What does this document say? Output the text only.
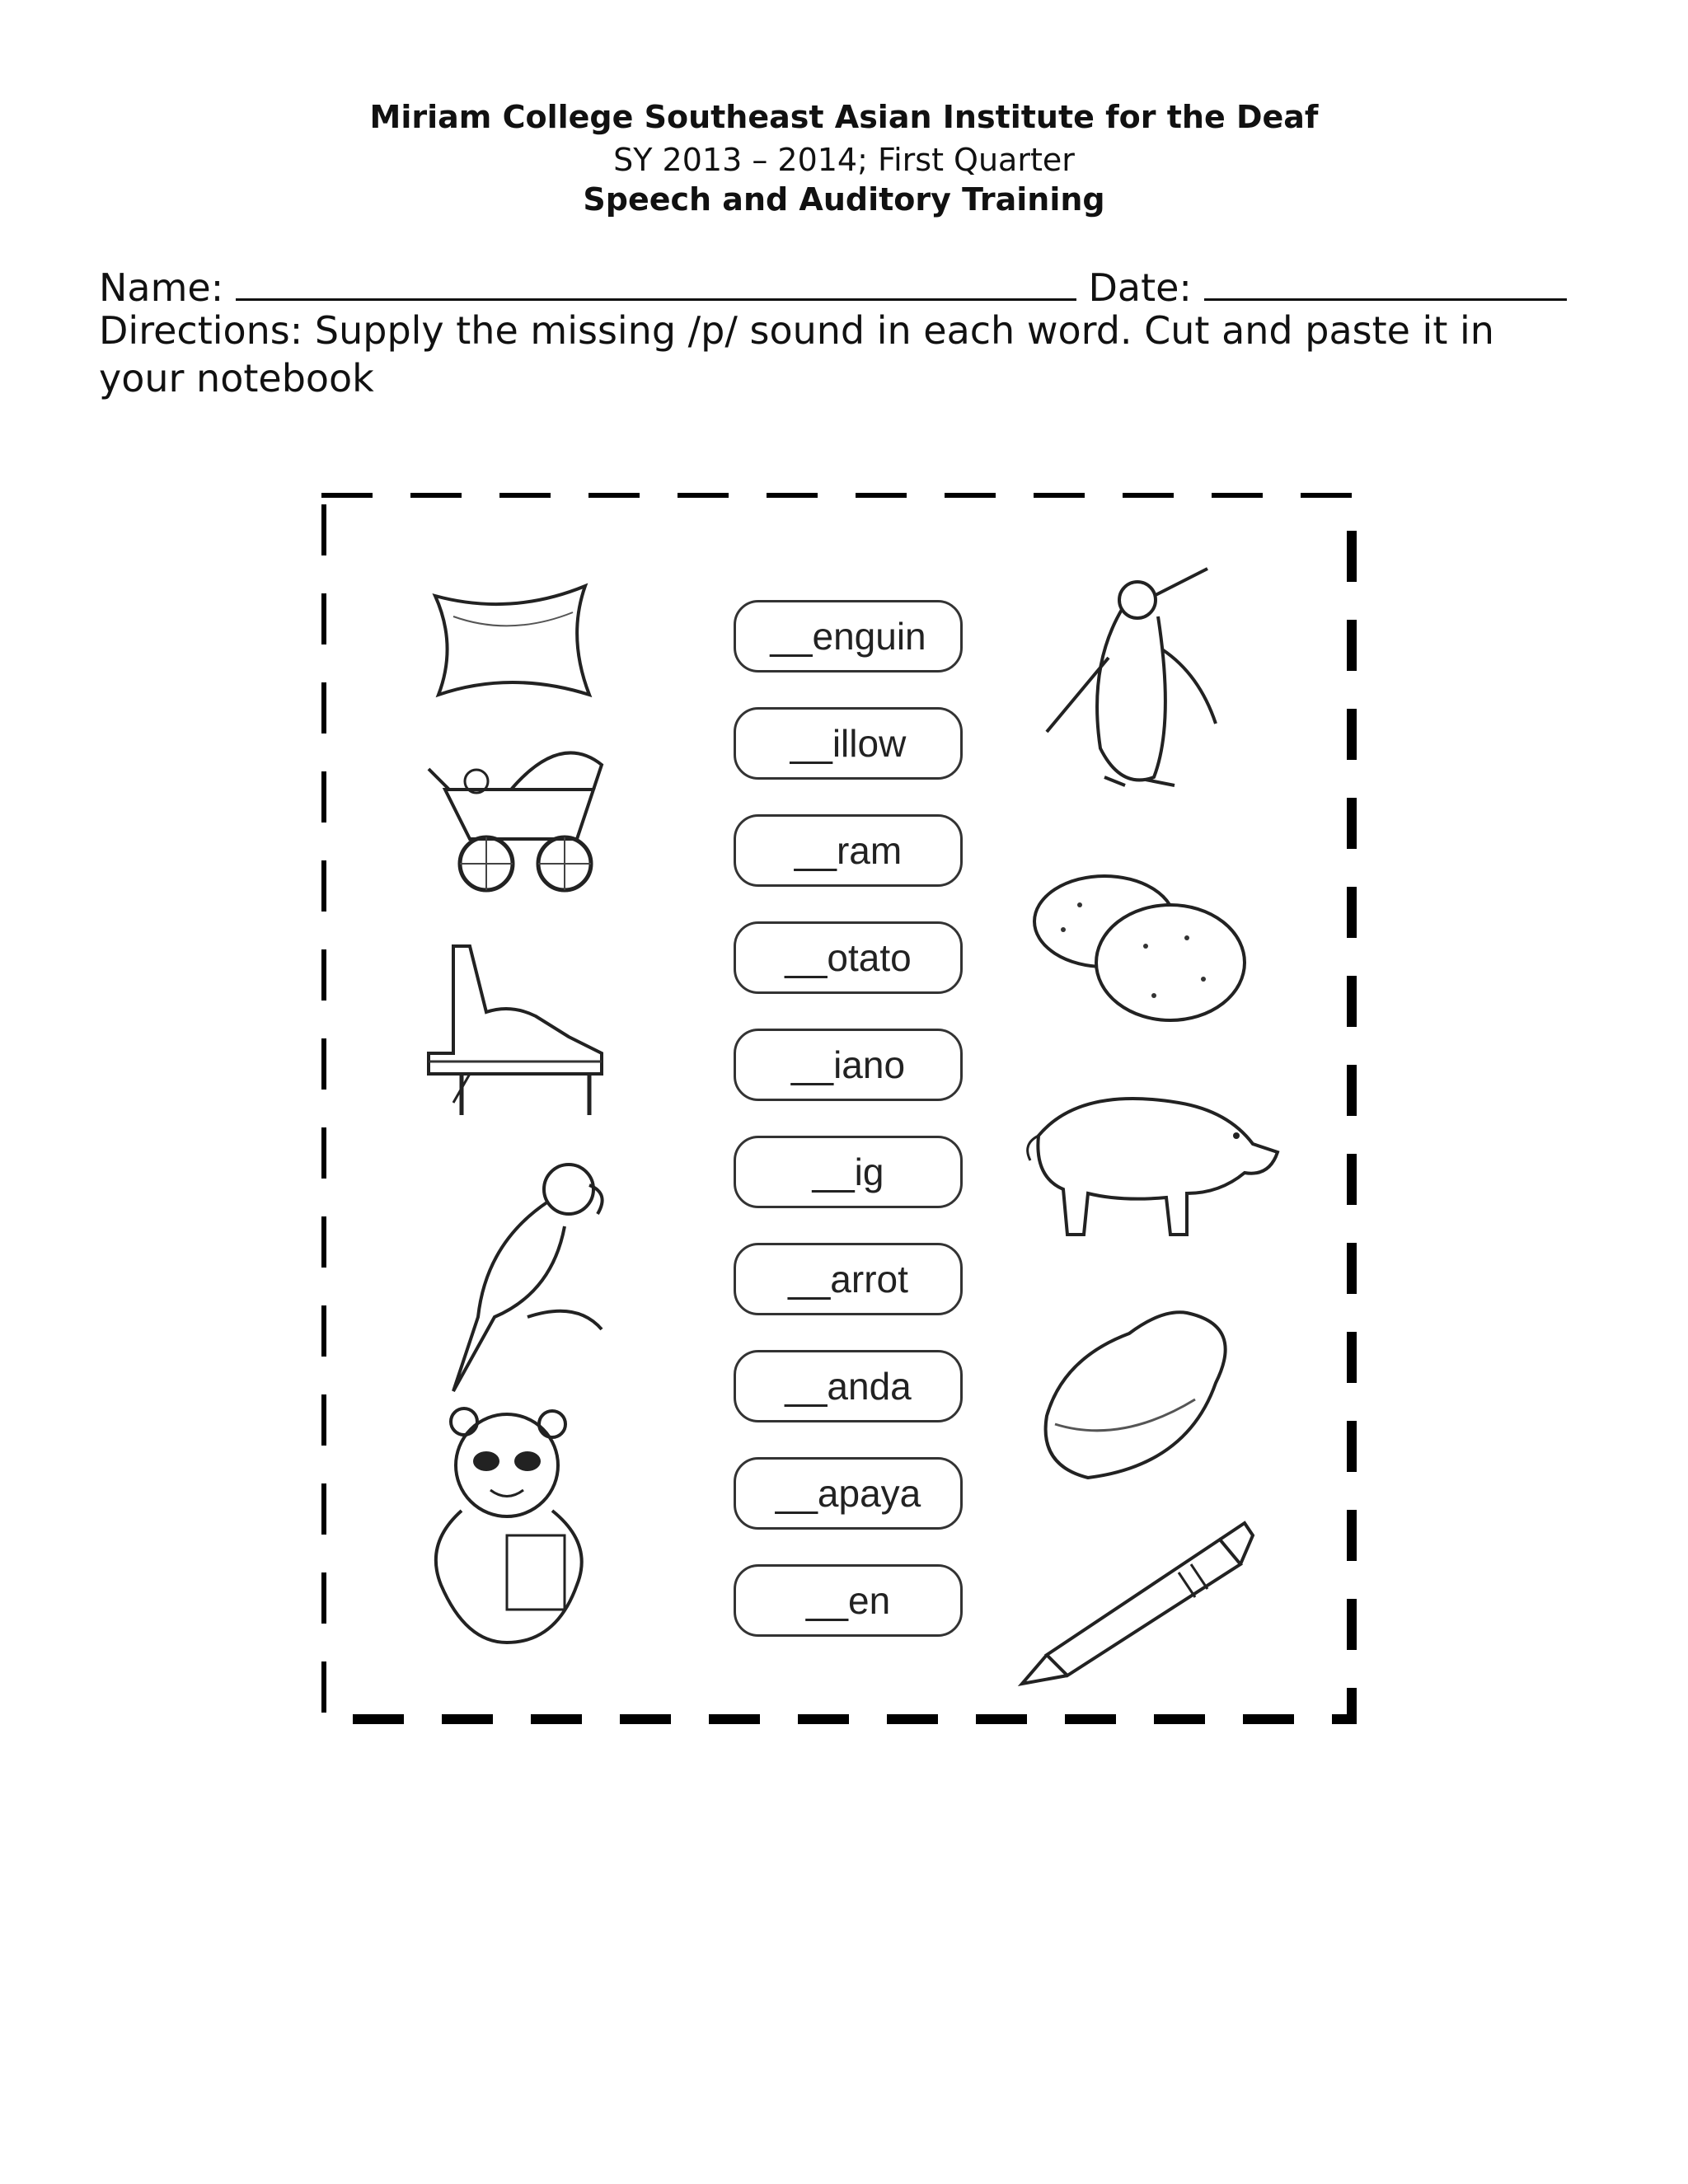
Miriam College Southeast Asian Institute for the Deaf
SY 2013 – 2014; First Quarter
Speech and Auditory Training
Name:	Date:
Directions: Supply the missing /p/ sound in each word. Cut and paste it in your notebook
__enguin
__illow
__ram
__otato
__iano
__ig
__arrot
__anda
__apaya
__en
